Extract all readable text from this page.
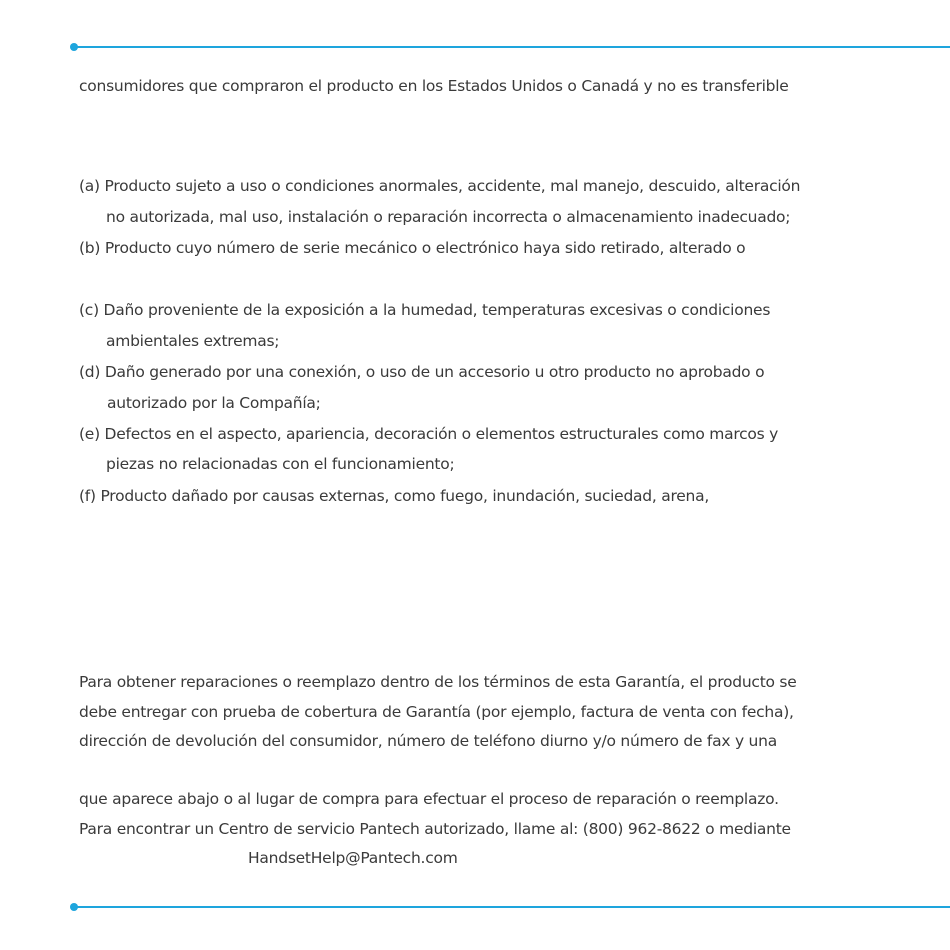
consumidores que compraron el producto en los Estados Unidos o Canadá y no es transferible
(a) Producto sujeto a uso o condiciones anormales, accidente, mal manejo, descuido, alteración
no autorizada, mal uso, instalación o reparación incorrecta o almacenamiento inadecuado;
(b) Producto cuyo número de serie mecánico o electrónico haya sido retirado, alterado o
(c) Daño proveniente de la exposición a la humedad, temperaturas excesivas o condiciones
ambientales extremas;
(d) Daño generado por una conexión, o uso de un accesorio u otro producto no aprobado o
autorizado por la Compañía;
(e) Defectos en el aspecto, apariencia, decoración o elementos estructurales como marcos y
piezas no relacionadas con el funcionamiento;
(f) Producto dañado por causas externas, como fuego, inundación, suciedad, arena,
Para obtener reparaciones o reemplazo dentro de los términos de esta Garantía, el producto se
debe entregar con prueba de cobertura de Garantía (por ejemplo, factura de venta con fecha),
dirección de devolución del consumidor, número de teléfono diurno y/o número de fax y una
que aparece abajo o al lugar de compra para efectuar el proceso de reparación o reemplazo.
Para encontrar un Centro de servicio Pantech autorizado, llame al: (800) 962-8622 o mediante
HandsetHelp@Pantech.com
